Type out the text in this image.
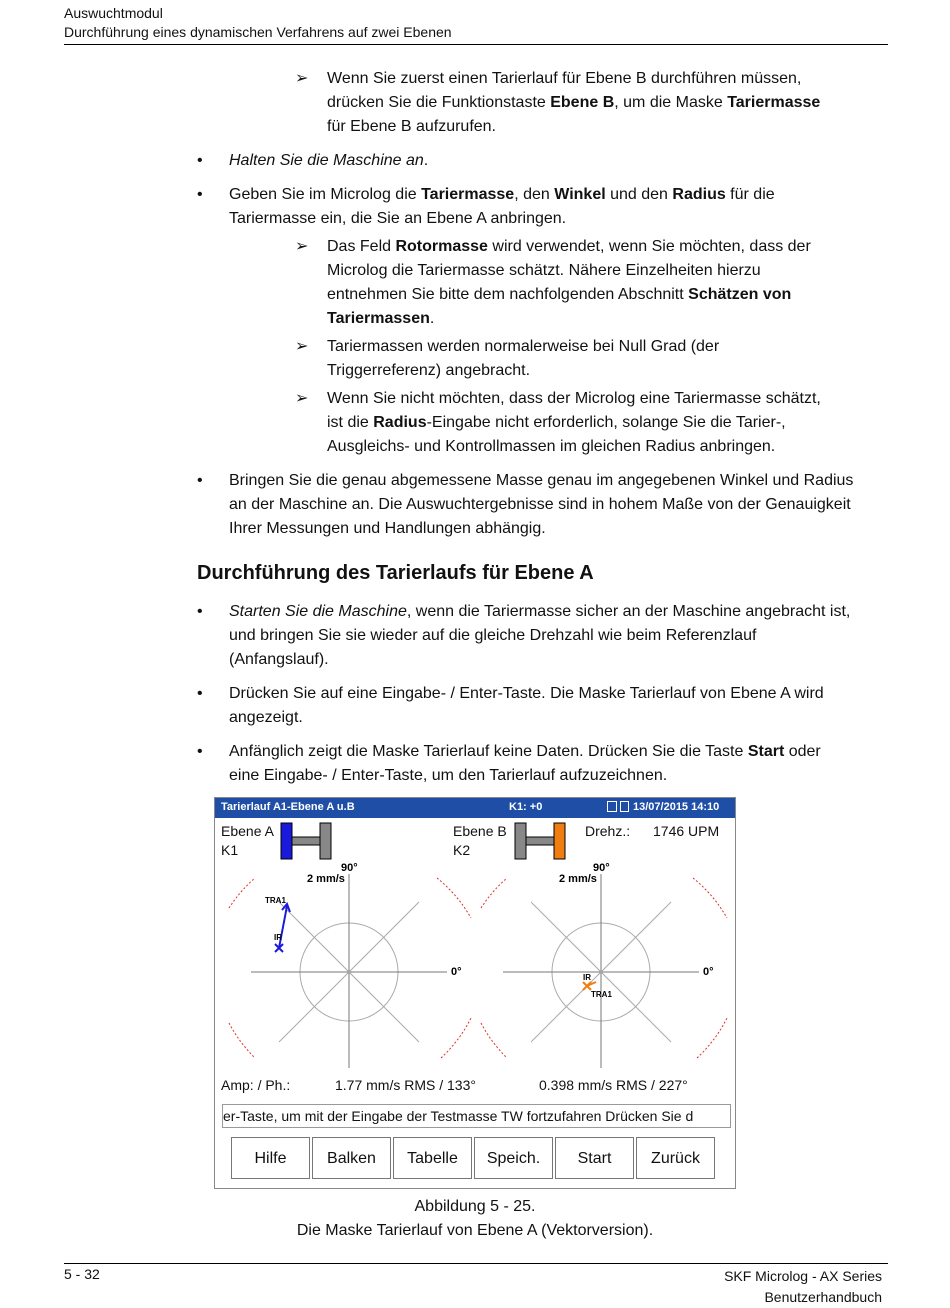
Auswuchtmodul
Durchführung eines dynamischen Verfahrens auf zwei Ebenen
➢ Wenn Sie zuerst einen Tarierlauf für Ebene B durchführen müssen,
drücken Sie die Funktionstaste Ebene B, um die Maske Tariermasse
für Ebene B aufzurufen.
• Halten Sie die Maschine an.
• Geben Sie im Microlog die Tariermasse, den Winkel und den Radius für die
Tariermasse ein, die Sie an Ebene A anbringen.
➢ Das Feld Rotormasse wird verwendet, wenn Sie möchten, dass der
Microlog die Tariermasse schätzt. Nähere Einzelheiten hierzu
entnehmen Sie bitte dem nachfolgenden Abschnitt Schätzen von
Tariermassen.
➢ Tariermassen werden normalerweise bei Null Grad (der
Triggerreferenz) angebracht.
➢ Wenn Sie nicht möchten, dass der Microlog eine Tariermasse schätzt,
ist die Radius-Eingabe nicht erforderlich, solange Sie die Tarier-,
Ausgleichs- und Kontrollmassen im gleichen Radius anbringen.
• Bringen Sie die genau abgemessene Masse genau im angegebenen Winkel und Radius
an der Maschine an. Die Auswuchtergebnisse sind in hohem Maße von der Genauigkeit
Ihrer Messungen und Handlungen abhängig.
Durchführung des Tarierlaufs für Ebene A
• Starten Sie die Maschine, wenn die Tariermasse sicher an der Maschine angebracht ist,
und bringen Sie sie wieder auf die gleiche Drehzahl wie beim Referenzlauf
(Anfangslauf).
• Drücken Sie auf eine Eingabe- / Enter-Taste. Die Maske Tarierlauf von Ebene A wird
angezeigt.
• Anfänglich zeigt die Maske Tarierlauf keine Daten. Drücken Sie die Taste Start oder
eine Eingabe- / Enter-Taste, um den Tarierlauf aufzuzeichnen.
Tarierlauf A1-Ebene A u.B	K1: +0	13/07/2015 14:10
Ebene A
K1
Ebene B
K2
Drehz.: 1746 UPM
TRA1
IR
90°
2 mm/s
0°	IR
TRA1
90°
2 mm/s
0°
Amp: / Ph.:	1.77 mm/s RMS / 133°	0.398 mm/s RMS / 227°
er-Taste, um mit der Eingabe der Testmasse TW fortzufahren Drücken Sie d
Hilfe	Balken	Tabelle	Speich.	Start	Zurück
Abbildung 5 - 25.
Die Maske Tarierlauf von Ebene A (Vektorversion).
5 - 32	SKF Microlog - AX Series
Benutzerhandbuch
